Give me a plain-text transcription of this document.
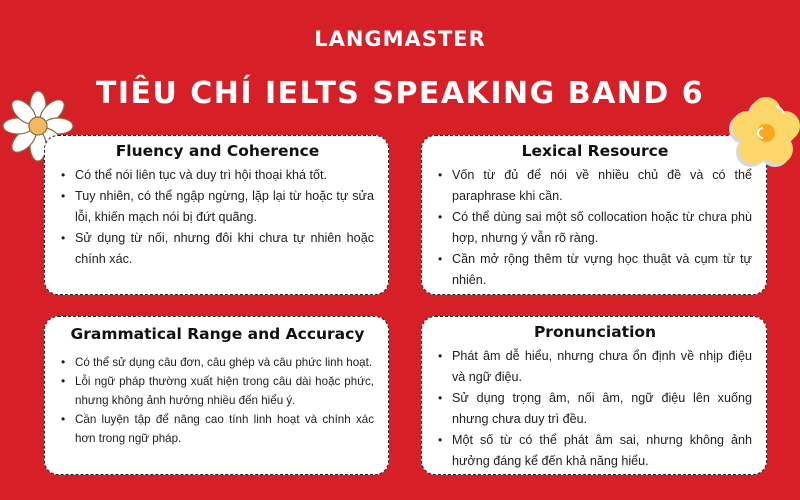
LANGMASTER
TIÊU CHÍ IELTS SPEAKING BAND 6
Fluency and Coherence
• Có thể nói liên tục và duy trì hội thoại khá tốt.
• Tuy nhiên, có thể ngập ngừng, lặp lại từ hoặc tự sửa lỗi, khiến mạch nói bị đứt quãng.
• Sử dụng từ nối, nhưng đôi khi chưa tự nhiên hoặc chính xác.
Lexical Resource
• Vốn từ đủ để nói về nhiều chủ đề và có thể paraphrase khi cần.
• Có thể dùng sai một số collocation hoặc từ chưa phù hợp, nhưng ý vẫn rõ ràng.
• Cần mở rộng thêm từ vựng học thuật và cụm từ tự nhiên.
Grammatical Range and Accuracy
• Có thể sử dụng câu đơn, câu ghép và câu phức linh hoạt.
• Lỗi ngữ pháp thường xuất hiện trong câu dài hoặc phức, nhưng không ảnh hưởng nhiều đến hiểu ý.
• Cần luyện tập để nâng cao tính linh hoạt và chính xác hơn trong ngữ pháp.
Pronunciation
• Phát âm dễ hiểu, nhưng chưa ổn định về nhịp điệu và ngữ điệu.
• Sử dụng trọng âm, nối âm, ngữ điệu lên xuống nhưng chưa duy trì đều.
• Một số từ có thể phát âm sai, nhưng không ảnh hưởng đáng kể đến khả năng hiểu.
